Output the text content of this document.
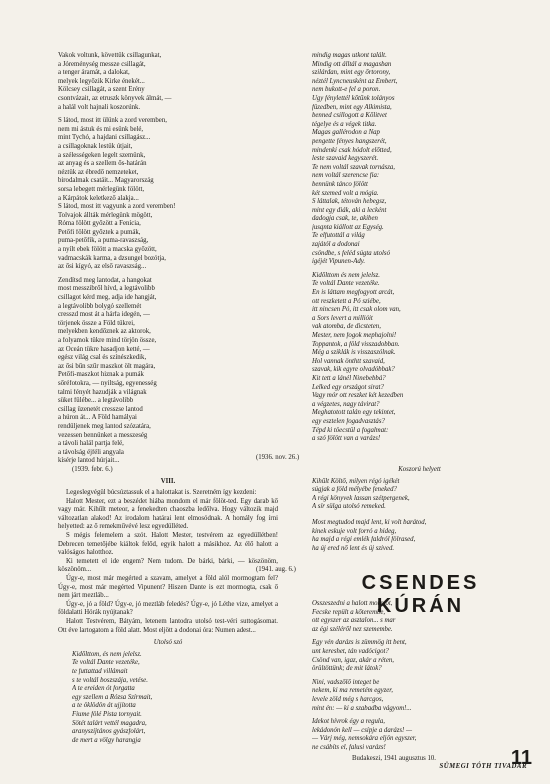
Vakok voltunk, követtük csillagunkat,
a Jóreménység messze csillagát,
a tenger áramát, a dalokat,
melyek legyőzik Kirke énekét...
Kölcsey csillagát, a szent Erény
csontvázait, az etruszk könyvek álmát, —
a halál volt hajnali koszorúnk.
S látod, most itt ülünk a zord veremben,
nem mi ástuk és mi esünk belé,
mint Tychó, a hajdani csillagász...
a csillagoknak lestük útjait,
a szélességeken legelt szemünk,
az anyag és a szellem ős-határán
néztük az ébredő nemzeteket,
birodalmak csatáit... Magyarország
sorsa lebegett mérlegünk fölött,
a Kárpátok keletkező alakja...
S látod, most itt vagyunk a zord veremben!
Tolvajok állták mérlegünk mögött,
Róma fölött győzött a Fenícia,
Petőfi fölött győztek a pumák,
puma-petőfik, a puma-ravaszság,
a nyílt ebek fölött a macska győzött,
vadmacskák karma, a dzsungel bozótja,
az ősi kígyó, az első ravaszság...
Zendítsd meg lantodat, a hangokat
most messzibről hívd, a legtávolibb
csillagot kérd meg, adja ide hangját,
a legtávolibb bolygó szellemét
cresszd most át a hárfa idegén, —
törjenek össze a Föld tükrei,
melyekben kendőznek az aktorok,
a folyamok tükre mind törjön össze,
az Óceán tükre hasadjon ketté, —
egész világ csal és színészkedik,
az ősi bűn szűr maszkot ölt magára,
Petőfi-maszkot hiznak a pumák
sőréfotokra, — nyiltság, egyenesség
talmi fényét hazudják a világnak
süket fülébe... a legtávolibb
csillag üzenetét cresszse lantod
a húron át... A Föld hamályai
rendüljenek meg lantod szózatára,
vezessen bennünket a messzeség
a távoli halál partja felé,
a távolság éjféli angyala
kísérje lantod húrjait...
(1939. febr. 6.)
VIII.
Legeslegvégül búcsúztassuk el a halottakat is. Szeretném így kezdeni:
Halott Mester, ezt a beszédet hiába mondom el már fölöt-ted. Egy darab kő vagy már. Kihűlt meteor, a fenekedten chaoszba ledőlva. Hogy változik majd változatlan alakod! Az irodalom határai lent elmosódnak. A homály fog írni helyetted: az ő remekművévé lesz egyedülléted.
S mégis felemelem a szót. Halott Mester, testvérem az egyedüllétben! Debrecen temetőjébe kiáltok felőd, egyik halott a másikhoz. Az élő halott a valóságos halotthoz.
Ki temetett el ide engem? Nem tudom. De bárki, bárki, — köszönöm, köszönöm...
Úgy-e, most már megérted a szavam, amelyet a föld alól mormogtam fel? Úgy-e, most már megérted Vipunent? Hiszen Dante is ezt mormogta, csak ő nem járt meztláb...
Úgy-e, jó a föld? Úgy-e, jó meztláb feledés? Úgy-e, jó Léthe vize, amelyet a földalatti Hórák nyújtanak?
Halott Testvérem, Bátyám, letenem lantodra utolsó test-véri suttogásomat. Ott éve lartogatom a föld alatt. Most eljött a dodonai óra: Numen adest...
Utolsó szó
Kidőlttom, és nem jelelsz.
Te voltál Dante vezetéke,
te futtattad villámait
s te voltál boszszája, vetése.
A te ereiden ót forgatta
egy szellem a Rózsa Szírmait,
a te öklödön át ujjította
Fiume fölé Pista tornyait.
Sötét talárt vettél magadra,
aranyszíjtános gyászfolárt,
de mert a völgy harangja
mindig magas utkont talált.
Mindig ott álltál a magasban
szilárdan, mint egy őrtorony,
néztél Lyncneusként az Embert,
nem bukott-e fel a poron.
Ugy fénylettél kőtűnk tolányos
füzedben, mint egy Alkimista,
benned csillogott a Kőlitvet
tégelye és a végek titka.
Magas gallérodon a Nap
pengette fényes hangszerét,
mindenki csak hódolt előtted,
leste szavaid kegyszerét.
Te nem voltál szavak tornásza,
nem voltál szerencse fia:
bennünk tánco fölött
két szemed volt a mógia.
S láttalak, tétován hebegsz,
mint egy diák, aki a lecként
dadogja csak, te, akiben
jusqnta kiállott az Egység.
Te elfutottál a világ
zajától a dodonai
csöndbe, s feléd súgta utolsó
igéjét Vipunen-Ády.
Kidőlttom és nem jelelsz.
Te voltál Dante vezetéke.
Én is láttam megfogyott arcát,
ott reszketett a Pó sziébe,
itt nincsen Pó, itt csak olom van,
a Sors levert a millióit
vak atomba, de dicsteten,
Mester, nem fogok mephajolni!
Toppantok, a föld visszadobban.
Még a sziklák is visszaszólnak.
Hol vannak önthtt szavaid,
szavak, kik egyre olvadóbbak?
Kit tett a lánél Ninebebbá?
Lelked egy országot sirat?
Vagy mór ott reszket két kezedben
a végzetes, nagy távirat?
Meghatotott talán egy tekintet,
egy esztelen fogadvasztás?
Tépd ki töecstül a fogalmat:
a szó fölött van a varázs!
(1936. nov. 26.)
Koszorú helyett
Kihűlt Költő, milyen régó igékét
súgjak a föld mélyébe feneked?
A régi könyvek lassan szétpergenek,
A sír sülga utolsó remeked.
Most megtudod majd lent, ki volt barátod,
kinek eskuje volt forró a hideg,
ha majd a régi emlék faldról fölrased,
ha új ered nő lent és új szived.
(1941. aug. 6.)
CSENDES KÚRÁN
Összeszedni a halott morzsót,
Fecske repült a kőterembe,
ott egyszer az asztalon... s mar
az égi széléről nez szemembe.
Egy vén darázs is zümmög itt bent,
unt kereshet, tán vadócigot?
Csönd van, igaz, akár a réten,
örültöttünk; de mit látok?
Nini, vadszőlő integet be
nekem, ki ma remetém egyzer,
levele zöld még s harcgos,
mint én: — ki a szabadba vágyom!...
Idekot hívrok égy a regula,
lekádonón kell — csípje a darázs! —
— Várj még, nemsokára eljön egyszer,
ne csábíts el, falusi varázs!
Budakeszi, 1941 augusztus 10.
SÜMEGI TÓTH TIVADAR
11
